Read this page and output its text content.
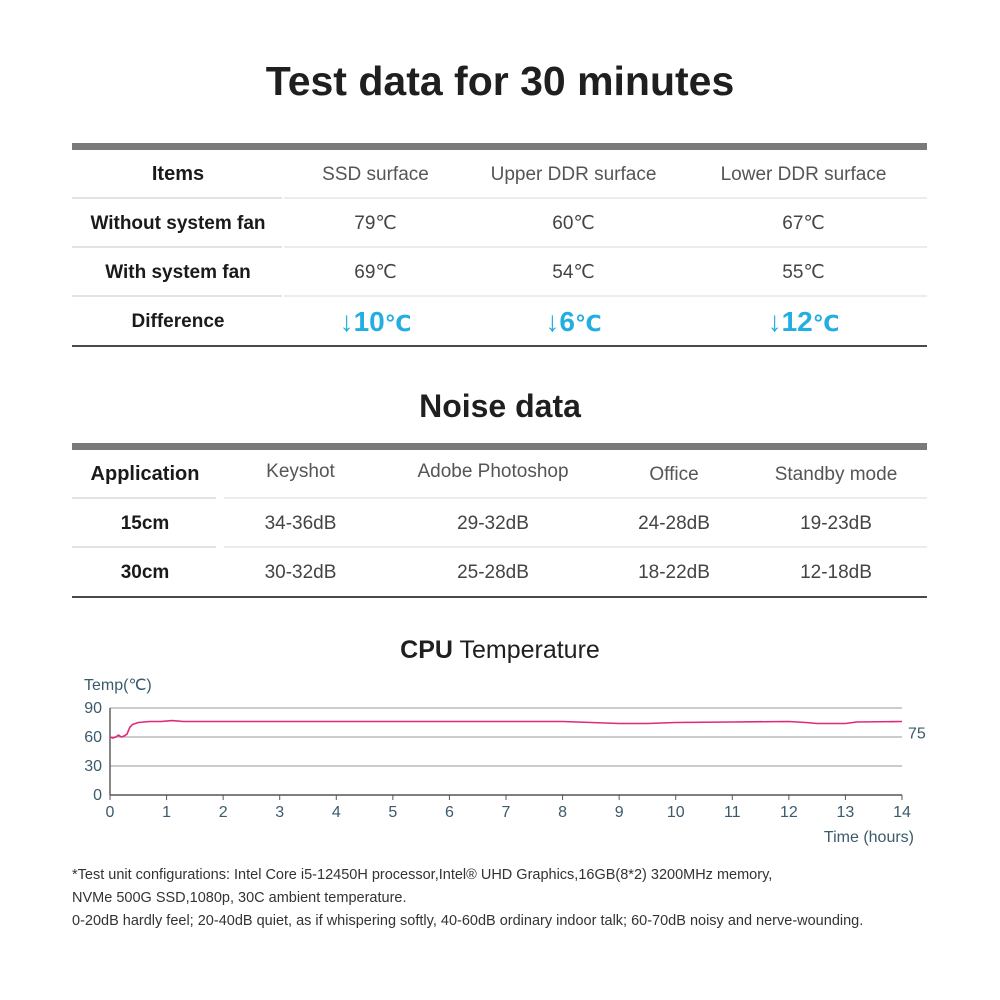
Test data for 30 minutes
Items	SSD surface	Upper DDR surface	Lower DDR surface
Without system fan	79℃	60℃	67℃
With system fan	69℃	54℃	55℃
Difference	↓10℃	↓6℃	↓12℃
Noise data
Application	Keyshot	Adobe Photoshop	Office	Standby mode
15cm	34-36dB	29-32dB	24-28dB	19-23dB
30cm	30-32dB	25-28dB	18-22dB	12-18dB
CPU Temperature
0
30
60
90
0	1	2	3	4	5	6	7	8	9	10 11 12 13 14
Temp(℃)
Time (hours)
75
*Test unit configurations: Intel Core i5-12450H processor,Intel® UHD Graphics,16GB(8*2) 3200MHz memory,
NVMe 500G SSD,1080p, 30C ambient temperature.
0-20dB hardly feel; 20-40dB quiet, as if whispering softly, 40-60dB ordinary indoor talk; 60-70dB noisy and nerve-wounding.
